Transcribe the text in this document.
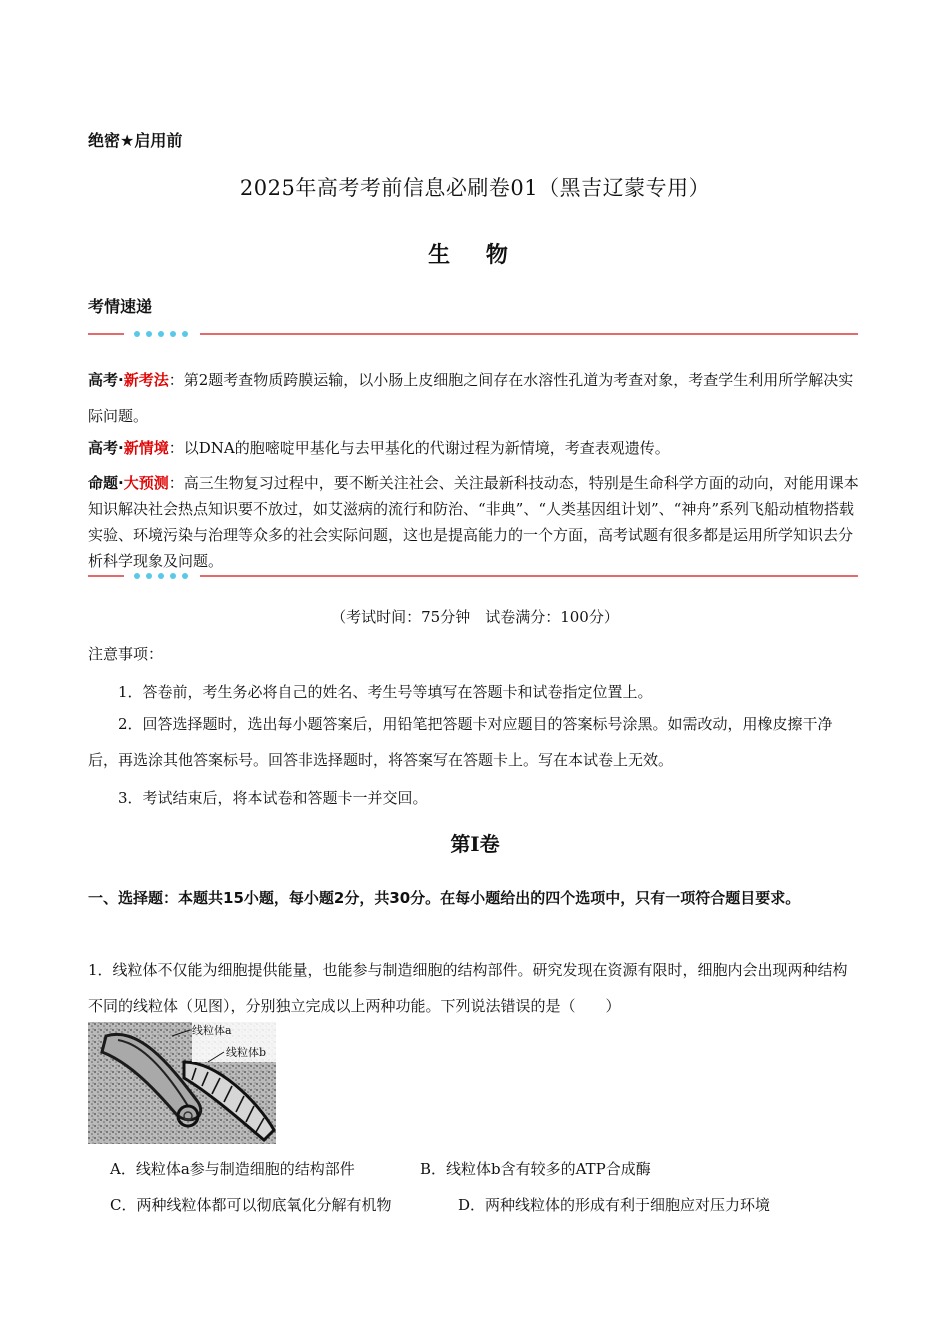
绝密★启用前
2025年高考考前信息必刷卷01（黑吉辽蒙专用）
生 物
考情速递
高考·新考法：第2题考查物质跨膜运输，以小肠上皮细胞之间存在水溶性孔道为考查对象，考查学生利用所学解决实际问题。
高考·新情境：以DNA的胞嘧啶甲基化与去甲基化的代谢过程为新情境，考查表观遗传。
命题·大预测：高三生物复习过程中，要不断关注社会、关注最新科技动态，特别是生命科学方面的动向，对能用课本知识解决社会热点知识要不放过，如艾滋病的流行和防治、“非典”、“人类基因组计划”、“神舟”系列飞船动植物搭载实验、环境污染与治理等众多的社会实际问题，这也是提高能力的一个方面，高考试题有很多都是运用所学知识去分析科学现象及问题。
（考试时间：75分钟　试卷满分：100分）
注意事项：
1．答卷前，考生务必将自己的姓名、考生号等填写在答题卡和试卷指定位置上。
2．回答选择题时，选出每小题答案后，用铅笔把答题卡对应题目的答案标号涂黑。如需改动，用橡皮擦干净后，再选涂其他答案标号。回答非选择题时，将答案写在答题卡上。写在本试卷上无效。
3．考试结束后，将本试卷和答题卡一并交回。
第Ⅰ卷
一、选择题：本题共15小题，每小题2分，共30分。在每小题给出的四个选项中，只有一项符合题目要求。
1．线粒体不仅能为细胞提供能量，也能参与制造细胞的结构部件。研究发现在资源有限时，细胞内会出现两种结构不同的线粒体（见图），分别独立完成以上两种功能。下列说法错误的是（　　）
线粒体a
线粒体b
A．线粒体a参与制造细胞的结构部件	B．线粒体b含有较多的ATP合成酶
C．两种线粒体都可以彻底氧化分解有机物	D．两种线粒体的形成有利于细胞应对压力环境
